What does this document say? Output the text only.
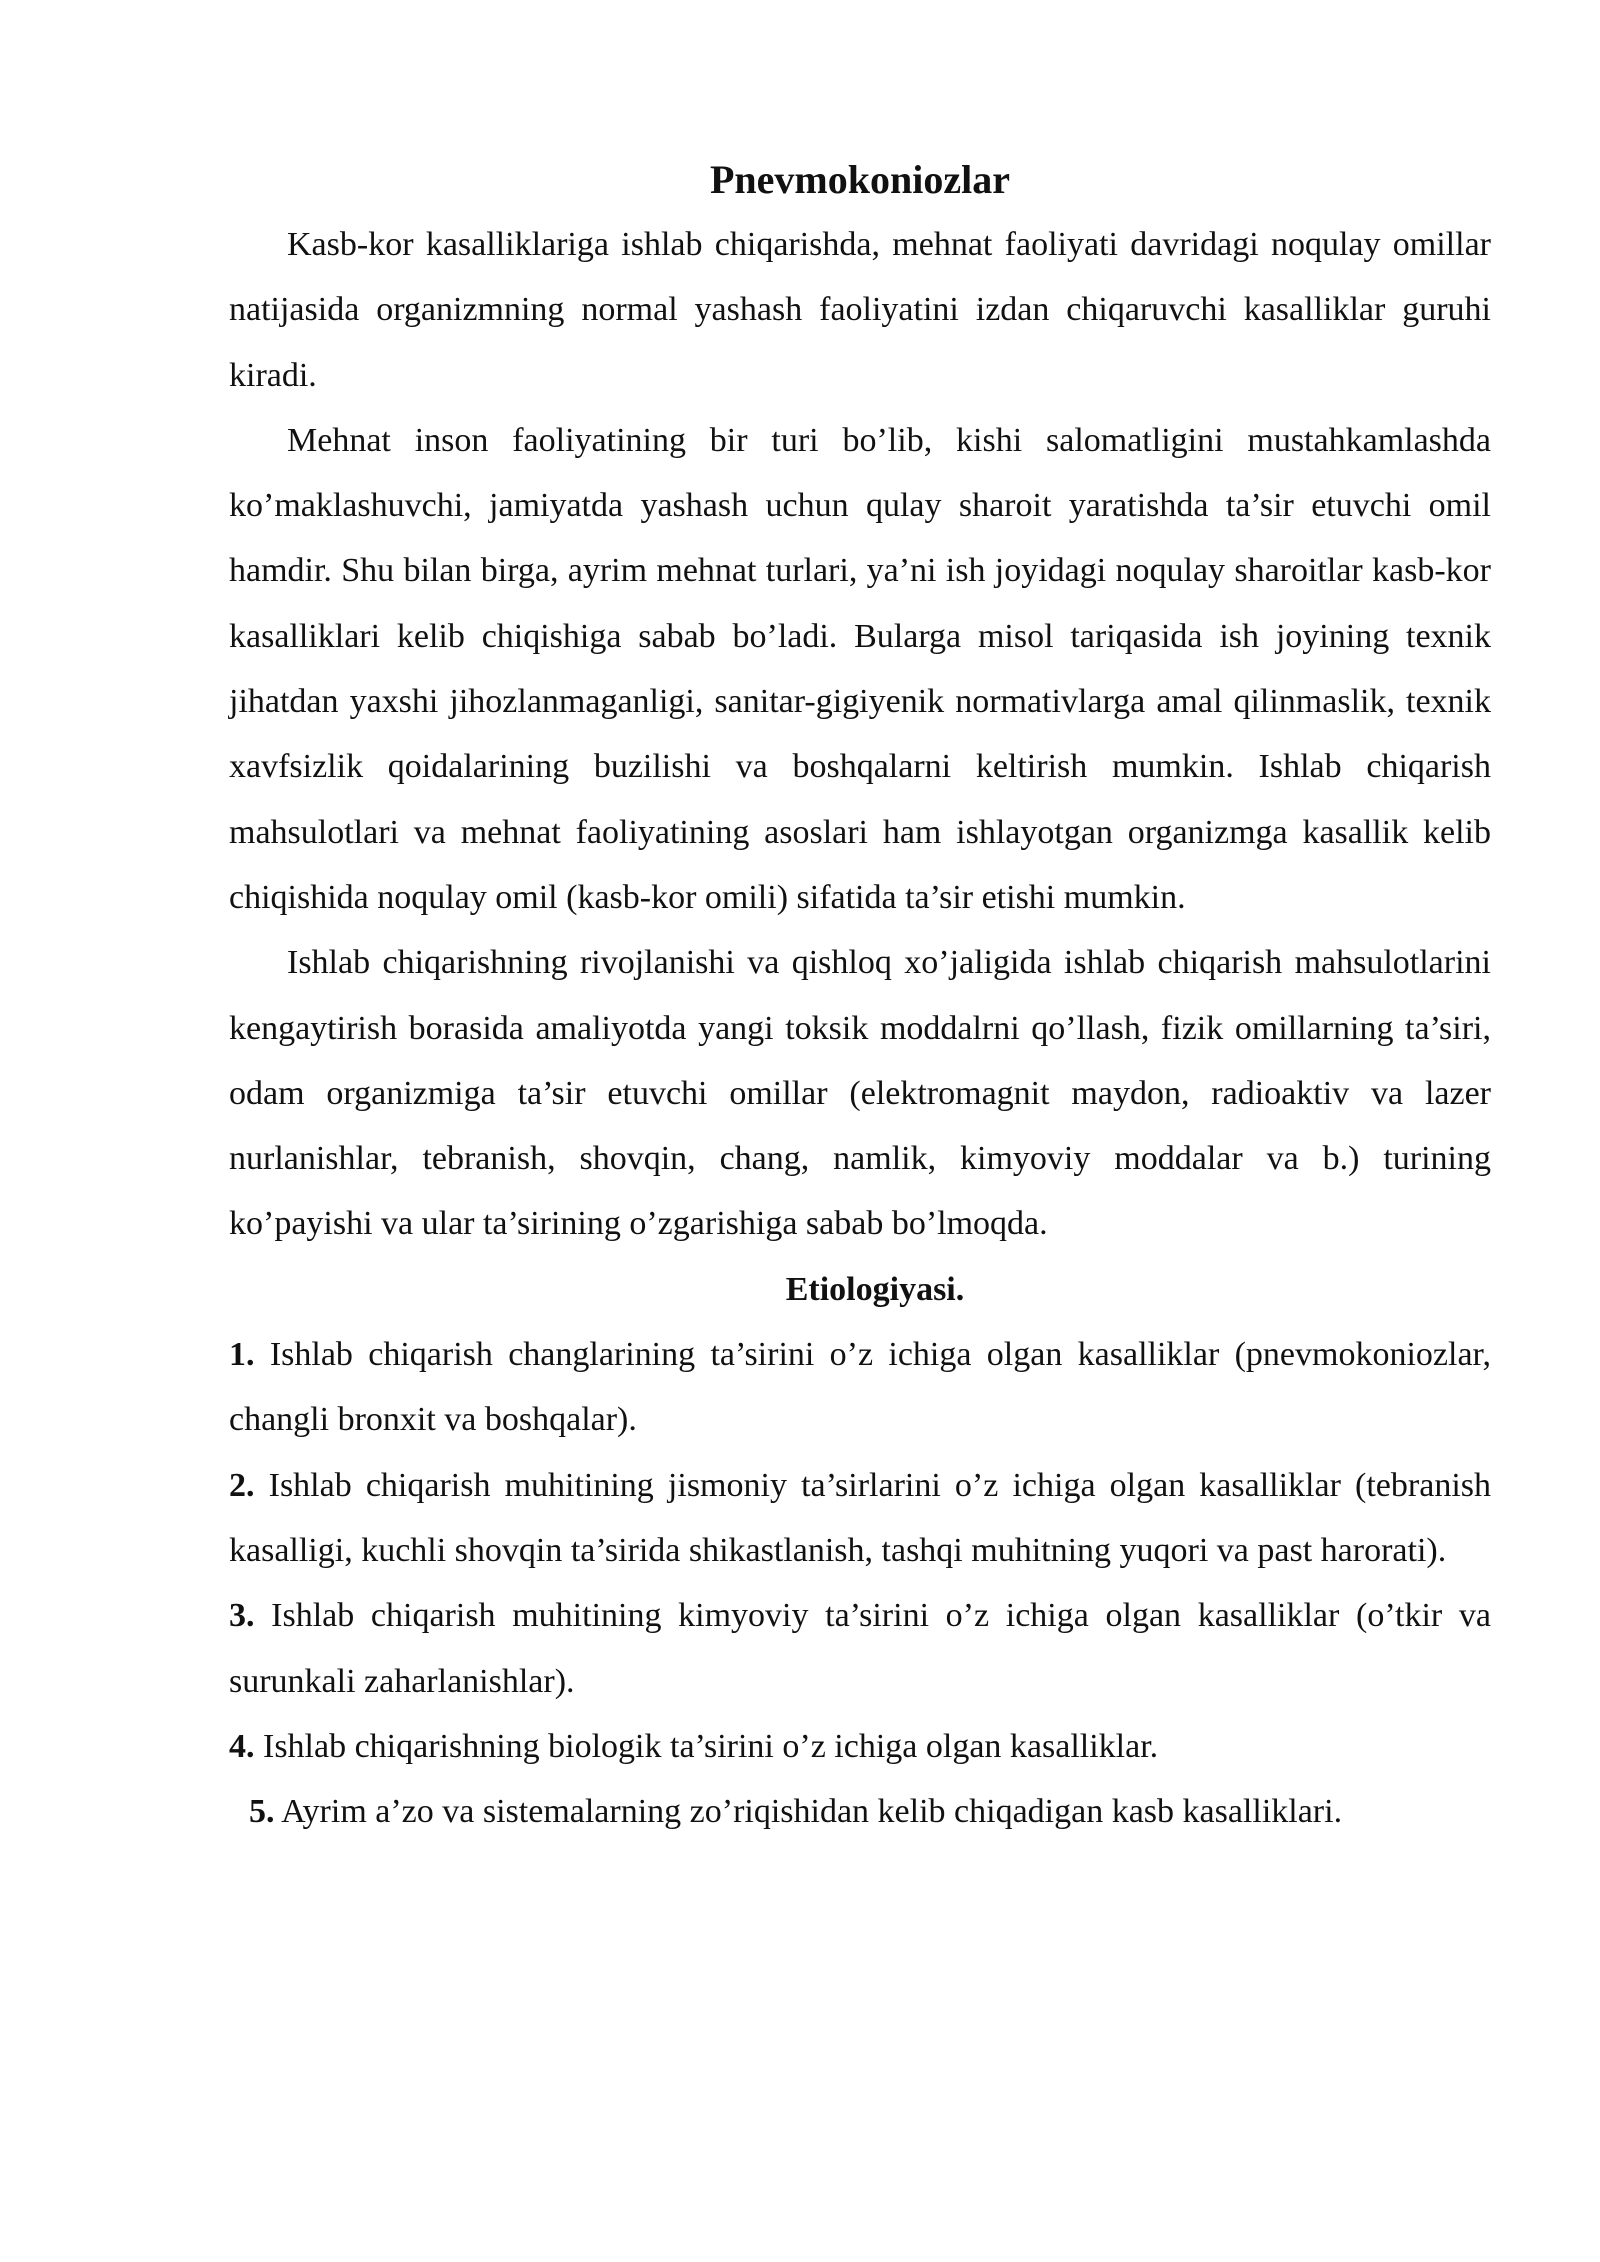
Pnevmokoniozlar

Kasb-kor kasalliklariga ishlab chiqarishda, mehnat faoliyati davridagi noqulay omillar natijasida organizmning normal yashash faoliyatini izdan chiqaruvchi kasalliklar guruhi kiradi.

Mehnat inson faoliyatining bir turi bo’lib, kishi salomatligini mustahkamlashda ko’maklashuvchi, jamiyatda yashash uchun qulay sharoit yaratishda ta’sir etuvchi omil hamdir. Shu bilan birga, ayrim mehnat turlari, ya’ni ish joyidagi noqulay sharoitlar kasb-kor kasalliklari kelib chiqishiga sabab bo’ladi. Bularga misol tariqasida ish joyining texnik jihatdan yaxshi jihozlanmaganligi, sanitar-gigiyenik normativlarga amal qilinmaslik, texnik xavfsizlik qoidalarining buzilishi va boshqalarni keltirish mumkin. Ishlab chiqarish mahsulotlari va mehnat faoliyatining asoslari ham ishlayotgan organizmga kasallik kelib chiqishida noqulay omil (kasb-kor omili) sifatida ta’sir etishi mumkin.

Ishlab chiqarishning rivojlanishi va qishloq xo’jaligida ishlab chiqarish mahsulotlarini kengaytirish borasida amaliyotda yangi toksik moddalrni qo’llash, fizik omillarning ta’siri, odam organizmiga ta’sir etuvchi omillar (elektromagnit maydon, radioaktiv va lazer nurlanishlar, tebranish, shovqin, chang, namlik, kimyoviy moddalar va b.) turining ko’payishi va ular ta’sirining o’zgarishiga sabab bo’lmoqda.

Etiologiyasi.

1. Ishlab chiqarish changlarining ta’sirini o’z ichiga olgan kasalliklar (pnevmokoniozlar, changli bronxit va boshqalar).

2. Ishlab chiqarish muhitining jismoniy ta’sirlarini o’z ichiga olgan kasalliklar (tebranish kasalligi, kuchli shovqin ta’sirida shikastlanish, tashqi muhitning yuqori va past harorati).

3. Ishlab chiqarish muhitining kimyoviy ta’sirini o’z ichiga olgan kasalliklar (o’tkir va surunkali zaharlanishlar).

4. Ishlab chiqarishning biologik ta’sirini o’z ichiga olgan kasalliklar.

5. Ayrim a’zo va sistemalarning zo’riqishidan kelib chiqadigan kasb kasalliklari.
